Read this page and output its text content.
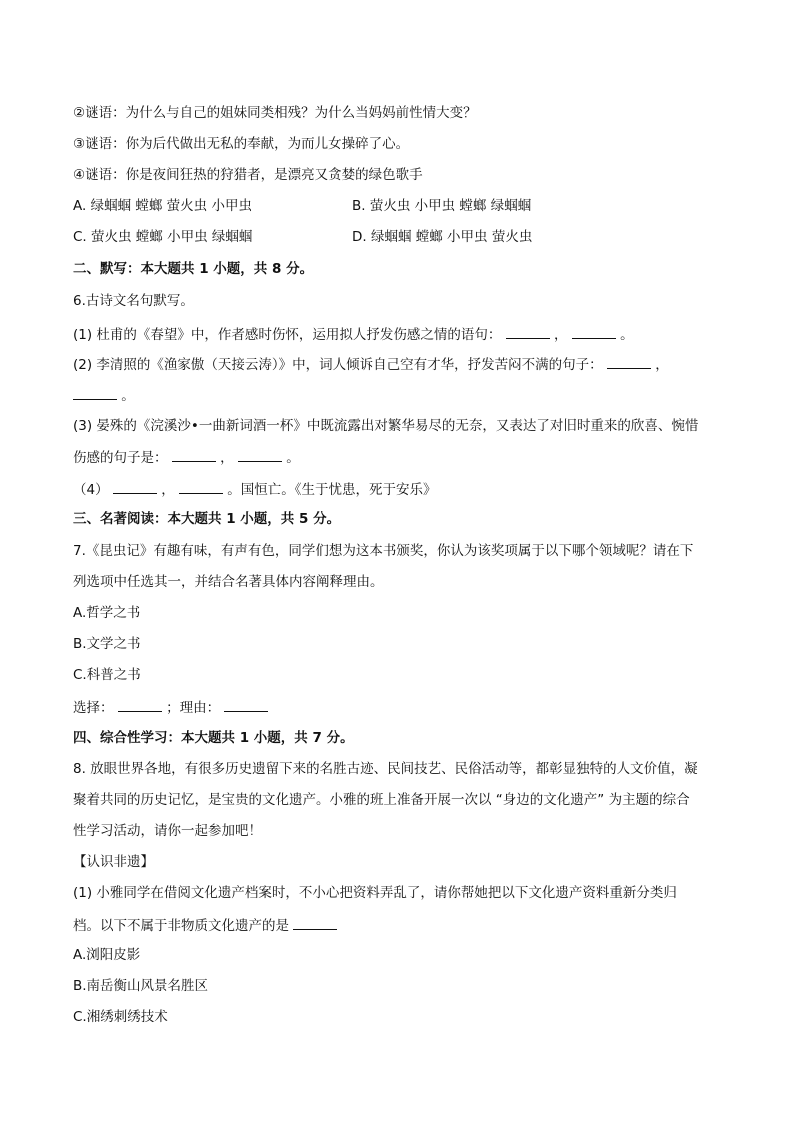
②谜语：为什么与自己的姐妹同类相残？为什么当妈妈前性情大变？
③谜语：你为后代做出无私的奉献，为而儿女操碎了心。
④谜语：你是夜间狂热的狩猎者，是漂亮又贪婪的绿色歌手
A. 绿蝈蝈 螳螂 萤火虫 小甲虫	B. 萤火虫 小甲虫 螳螂 绿蝈蝈
C. 萤火虫 螳螂 小甲虫 绿蝈蝈	D. 绿蝈蝈 螳螂 小甲虫 萤火虫
二、默写：本大题共 1 小题，共 8 分。
6.古诗文名句默写。
(1) 杜甫的《春望》中，作者感时伤怀，运用拟人抒发伤感之情的语句：	，	。
(2) 李清照的《渔家傲（天接云涛）》中，词人倾诉自己空有才华，抒发苦闷不满的句子：	，
。
(3) 晏殊的《浣溪沙•一曲新词酒一杯》中既流露出对繁华易尽的无奈，又表达了对旧时重来的欣喜、惋惜
伤感的句子是：	，	。
（4）	，	。国恒亡。《生于忧患，死于安乐》
三、名著阅读：本大题共 1 小题，共 5 分。
7.《昆虫记》有趣有味，有声有色，同学们想为这本书颁奖，你认为该奖项属于以下哪个领域呢？请在下
列选项中任选其一，并结合名著具体内容阐释理由。
A.哲学之书
B.文学之书
C.科普之书
选择：	；理由：
四、综合性学习：本大题共 1 小题，共 7 分。
8. 放眼世界各地，有很多历史遗留下来的名胜古迹、民间技艺、民俗活动等，都彰显独特的人文价值，凝
聚着共同的历史记忆，是宝贵的文化遗产。小雅的班上准备开展一次以 “身边的文化遗产” 为主题的综合
性学习活动，请你一起参加吧！
【认识非遗】
(1) 小雅同学在借阅文化遗产档案时，不小心把资料弄乱了，请你帮她把以下文化遗产资料重新分类归
档。以下不属于非物质文化遗产的是
A.浏阳皮影
B.南岳衡山风景名胜区
C.湘绣刺绣技术
